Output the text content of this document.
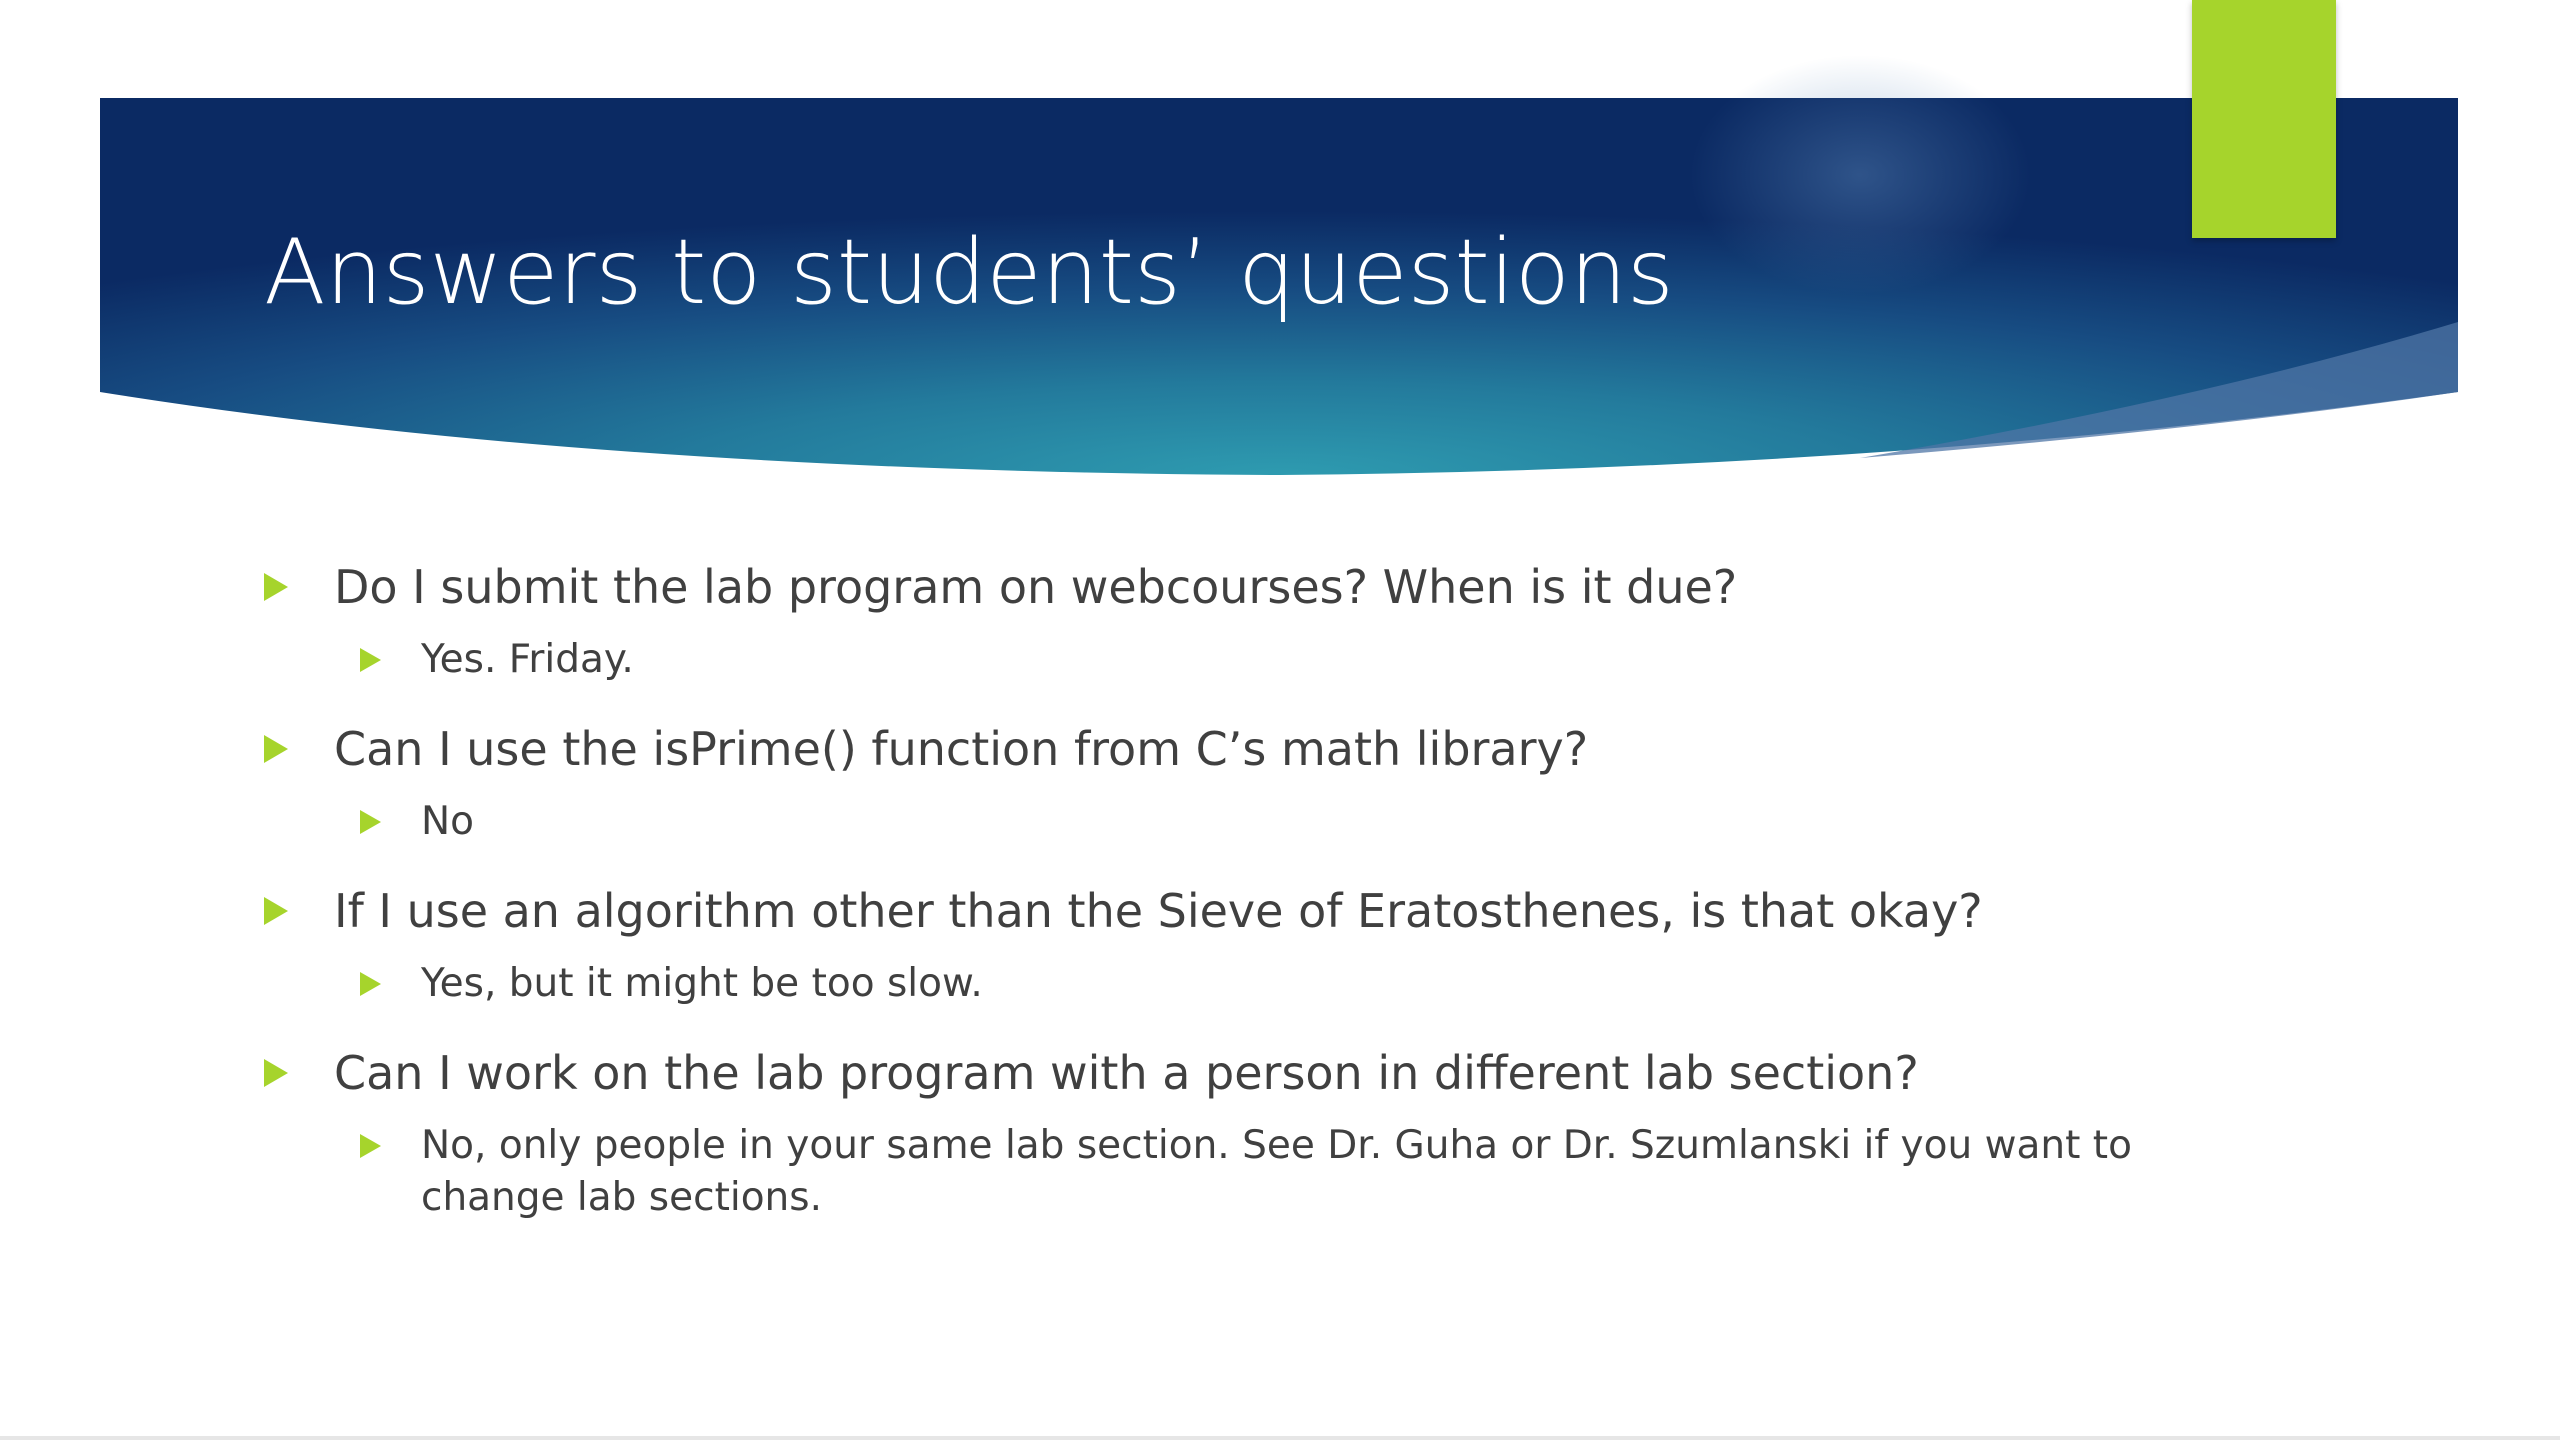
Answers to students’ questions
Do I submit the lab program on webcourses? When is it due?
Yes. Friday.
Can I use the isPrime() function from C’s math library?
No
If I use an algorithm other than the Sieve of Eratosthenes, is that okay?
Yes, but it might be too slow.
Can I work on the lab program with a person in different lab section?
No, only people in your same lab section. See Dr. Guha or Dr. Szumlanski if you want to change lab sections.
